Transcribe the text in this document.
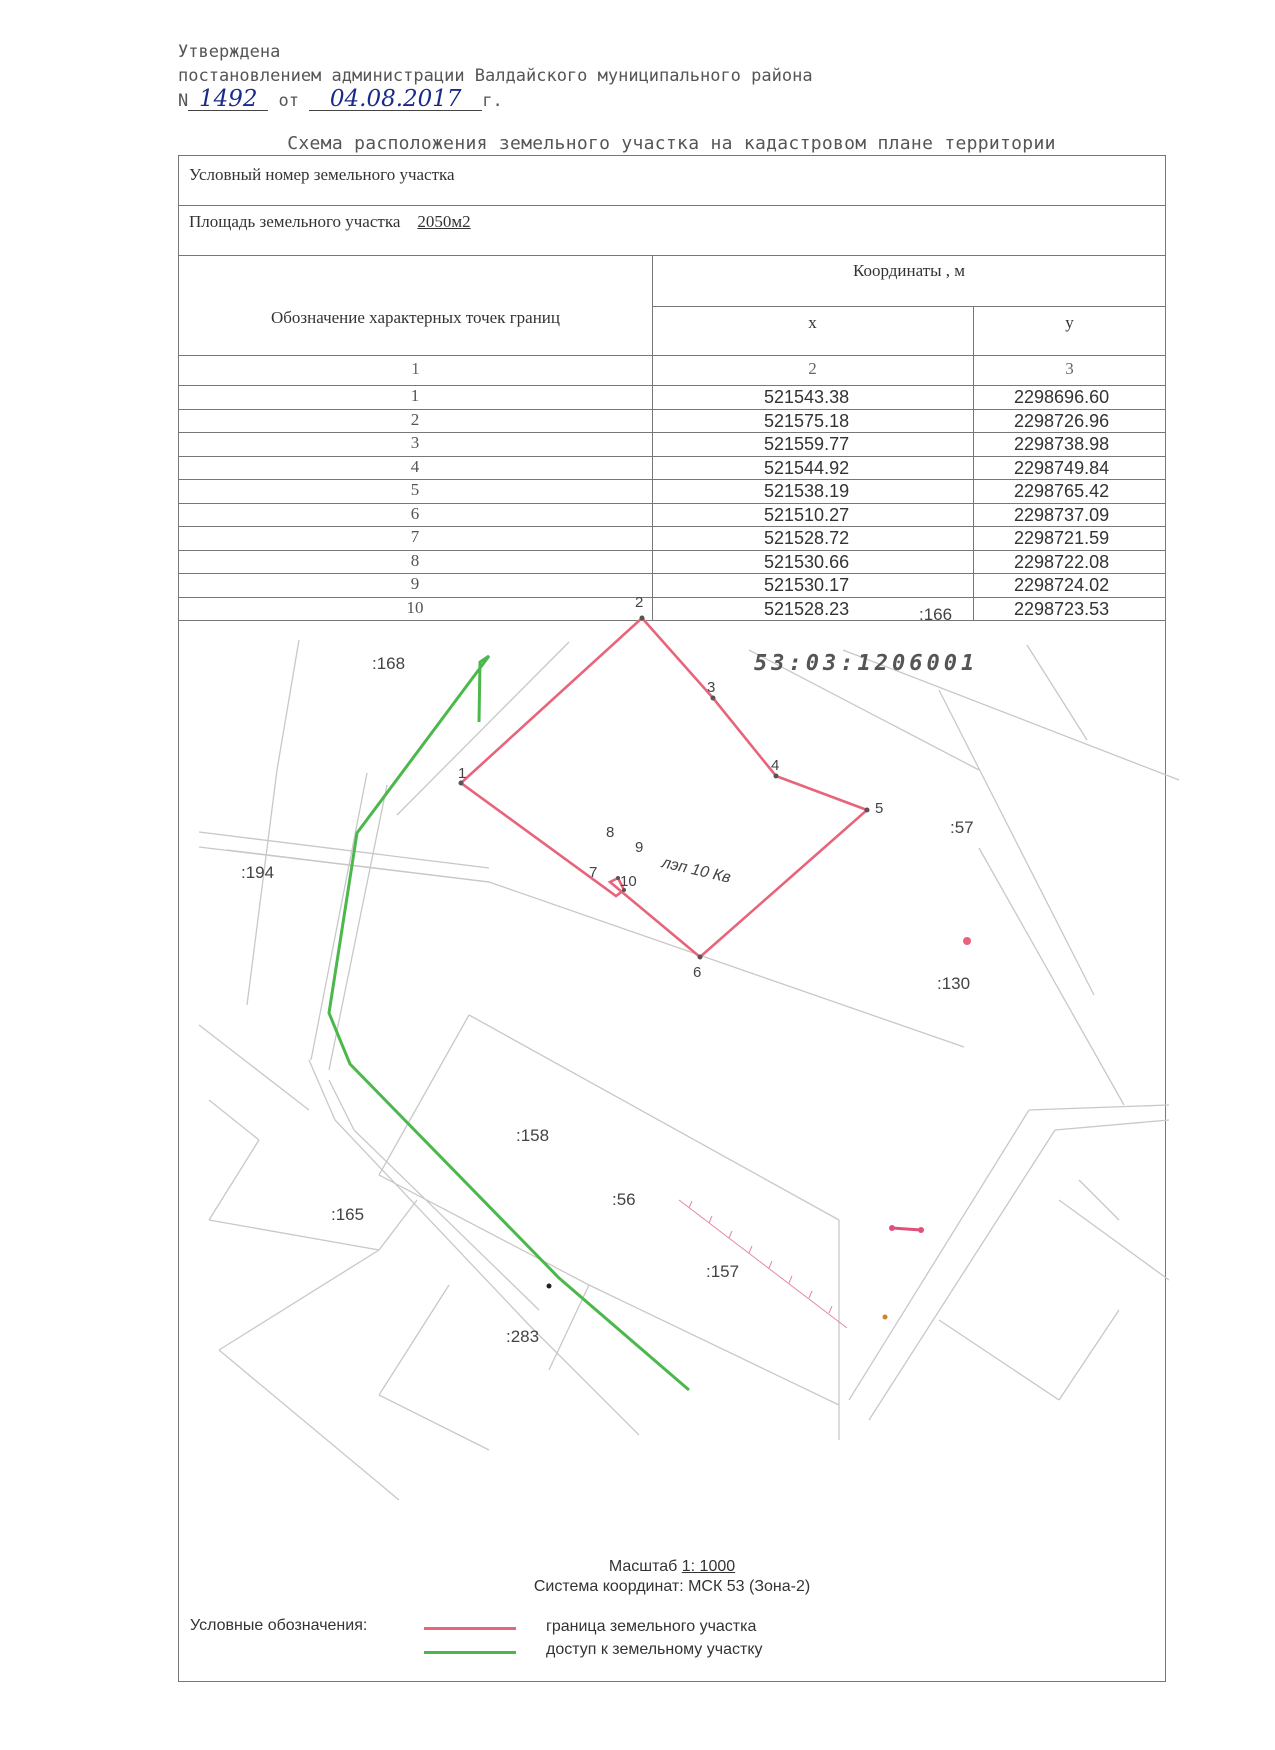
Утверждена
постановлением администрации Валдайского муниципального района
N 1492 от 04.08.2017 г.
Схема расположения земельного участка на кадастровом плане территории
Условный номер земельного участка
Площадь земельного участка 2050м2
Обозначение характерных точек границ
Координаты , м
x	y
1	2	3
1	521543.38	2298696.60
2	521575.18	2298726.96
3	521559.77	2298738.98
4	521544.92	2298749.84
5	521538.19	2298765.42
6	521510.27	2298737.09
7	521528.72	2298721.59
8	521530.66	2298722.08
9	521530.17	2298724.02
10	521528.23	2298723.53
53:03:1206001
:168
:194
:57
:130
:158
:56
:165
:157
:283
:166
1
2
3
4
5
6
7
8
9
10 лэп 10 Кв
Масштаб 1: 1000
Система координат: МСК 53 (Зона-2)
Условные обозначения:	граница земельного участка
доступ к земельному участку
